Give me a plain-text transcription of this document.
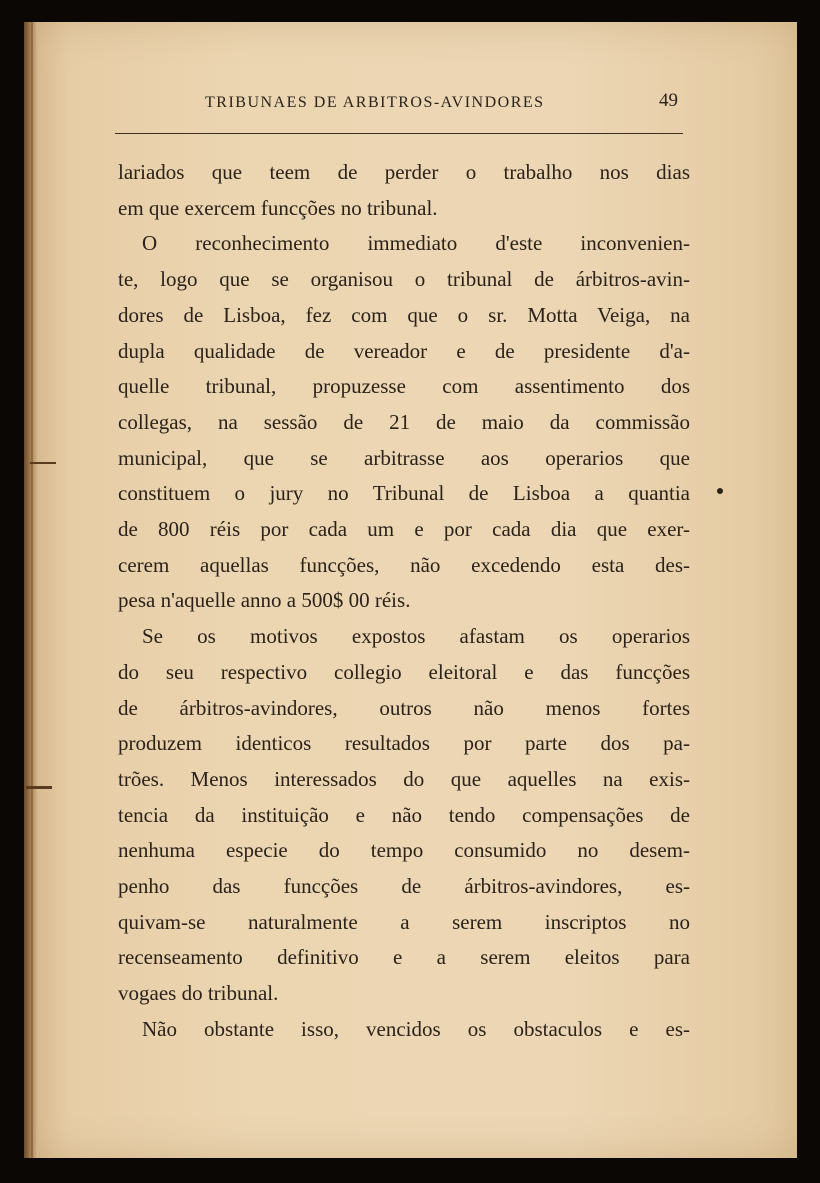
TRIBUNAES DE ARBITROS-AVINDORES	49
lariados que teem de perder o trabalho nos dias
em que exercem funcções no tribunal.
O reconhecimento immediato d'este inconvenien-
te, logo que se organisou o tribunal de árbitros-avin-
dores de Lisboa, fez com que o sr. Motta Veiga, na
dupla qualidade de vereador e de presidente d'a-
quelle tribunal, propuzesse com assentimento dos
collegas, na sessão de 21 de maio da commissão
municipal, que se arbitrasse aos operarios que
constituem o jury no Tribunal de Lisboa a quantia
de 800 réis por cada um e por cada dia que exer-
cerem aquellas funcções, não excedendo esta des-
pesa n'aquelle anno a 500$ 00 réis.
Se os motivos expostos afastam os operarios
do seu respectivo collegio eleitoral e das funcções
de árbitros-avindores, outros não menos fortes
produzem identicos resultados por parte dos pa-
trões. Menos interessados do que aquelles na exis-
tencia da instituição e não tendo compensações de
nenhuma especie do tempo consumido no desem-
penho das funcções de árbitros-avindores, es-
quivam-se naturalmente a serem inscriptos no
recenseamento definitivo e a serem eleitos para
vogaes do tribunal.
Não obstante isso, vencidos os obstaculos e es-
